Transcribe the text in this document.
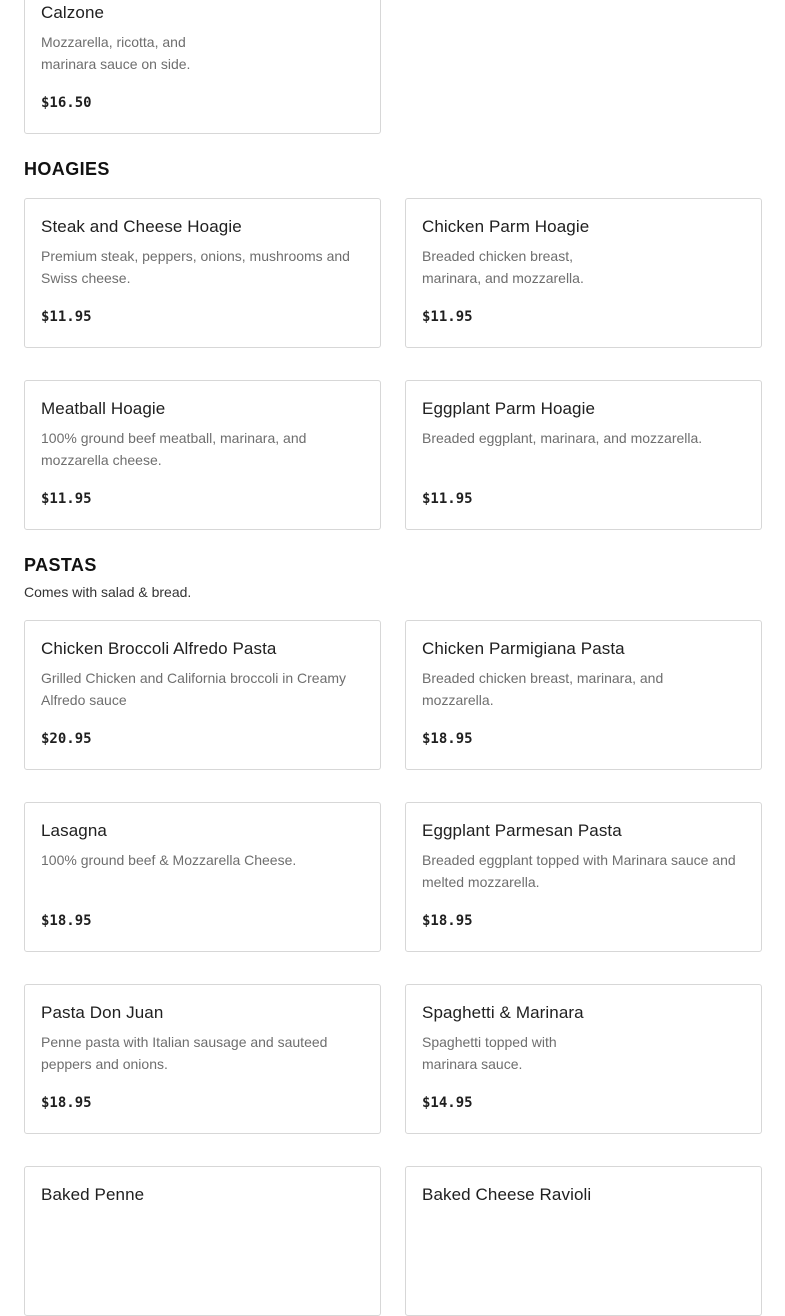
Calzone
Mozzarella, ricotta, and
marinara sauce on side.
$16.50
HOAGIES
Steak and Cheese Hoagie
Premium steak, peppers, onions, mushrooms and
Swiss cheese.
$11.95
Chicken Parm Hoagie
Breaded chicken breast,
marinara, and mozzarella.
$11.95
Meatball Hoagie
100% ground beef meatball, marinara, and
mozzarella cheese.
$11.95
Eggplant Parm Hoagie
Breaded eggplant, marinara, and mozzarella.
$11.95
PASTAS
Comes with salad & bread.
Chicken Broccoli Alfredo Pasta
Grilled Chicken and California broccoli in Creamy
Alfredo sauce
$20.95
Chicken Parmigiana Pasta
Breaded chicken breast, marinara, and
mozzarella.
$18.95
Lasagna
100% ground beef & Mozzarella Cheese.
$18.95
Eggplant Parmesan Pasta
Breaded eggplant topped with Marinara sauce and
melted mozzarella.
$18.95
Pasta Don Juan
Penne pasta with Italian sausage and sauteed
peppers and onions.
$18.95
Spaghetti & Marinara
Spaghetti topped with
marinara sauce.
$14.95
Baked Penne	Baked Cheese Ravioli
